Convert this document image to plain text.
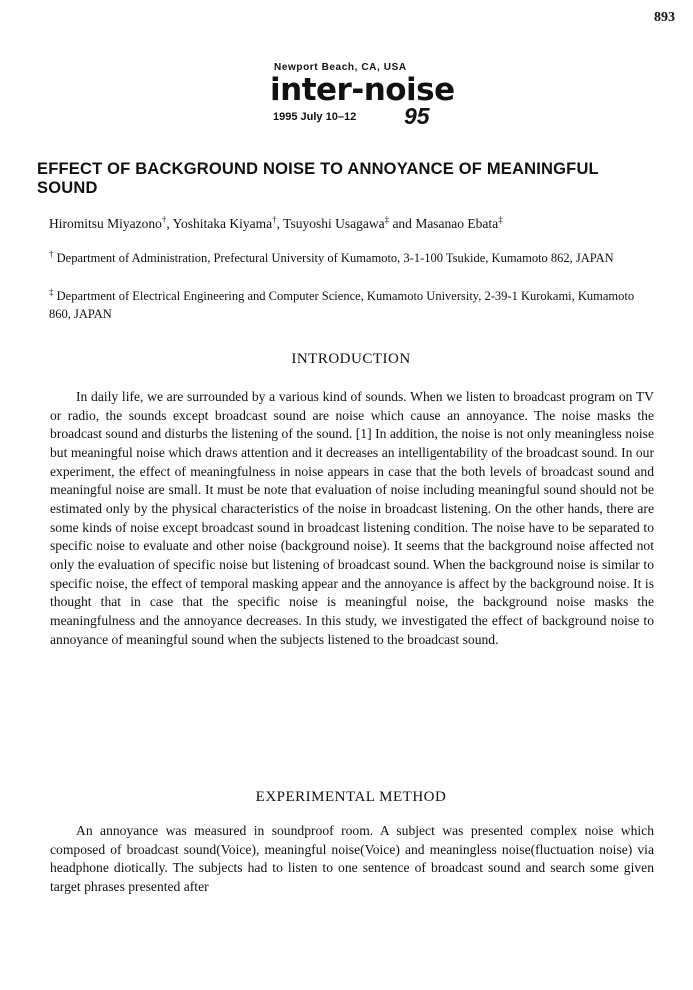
893
Newport Beach, CA, USA
inter-noise
1995 July 10–12 95
EFFECT OF BACKGROUND NOISE TO ANNOYANCE OF MEANINGFUL SOUND
Hiromitsu Miyazono†, Yoshitaka Kiyama†, Tsuyoshi Usagawa‡ and Masanao Ebata‡
† Department of Administration, Prefectural University of Kumamoto, 3-1-100 Tsukide, Kumamoto 862, JAPAN
‡ Department of Electrical Engineering and Computer Science, Kumamoto University, 2-39-1 Kurokami, Kumamoto 860, JAPAN
INTRODUCTION

In daily life, we are surrounded by a various kind of sounds. When we listen to broadcast program on TV or radio, the sounds except broadcast sound are noise which cause an annoyance. The noise masks the broadcast sound and disturbs the listening of the sound. [1] In addition, the noise is not only meaningless noise but meaningful noise which draws attention and it decreases an intelligentability of the broadcast sound. In our experiment, the effect of meaningfulness in noise appears in case that the both levels of broadcast sound and meaningful noise are small. It must be note that evaluation of noise including meaningful sound should not be estimated only by the physical characteristics of the noise in broadcast listening. On the other hands, there are some kinds of noise except broadcast sound in broadcast listening condition. The noise have to be separated to specific noise to evaluate and other noise (background noise). It seems that the background noise affected not only the evaluation of specific noise but listening of broadcast sound. When the background noise is similar to specific noise, the effect of temporal masking appear and the annoyance is affect by the background noise. It is thought that in case that the specific noise is meaningful noise, the background noise masks the meaningfulness and the annoyance decreases. In this study, we investigated the effect of background noise to annoyance of meaningful sound when the subjects listened to the broadcast sound.

EXPERIMENTAL METHOD

An annoyance was measured in soundproof room. A subject was presented complex noise which composed of broadcast sound(Voice), meaningful noise(Voice) and meaningless noise(fluctuation noise) via headphone diotically. The subjects had to listen to one sentence of broadcast sound and search some given target phrases presented after
